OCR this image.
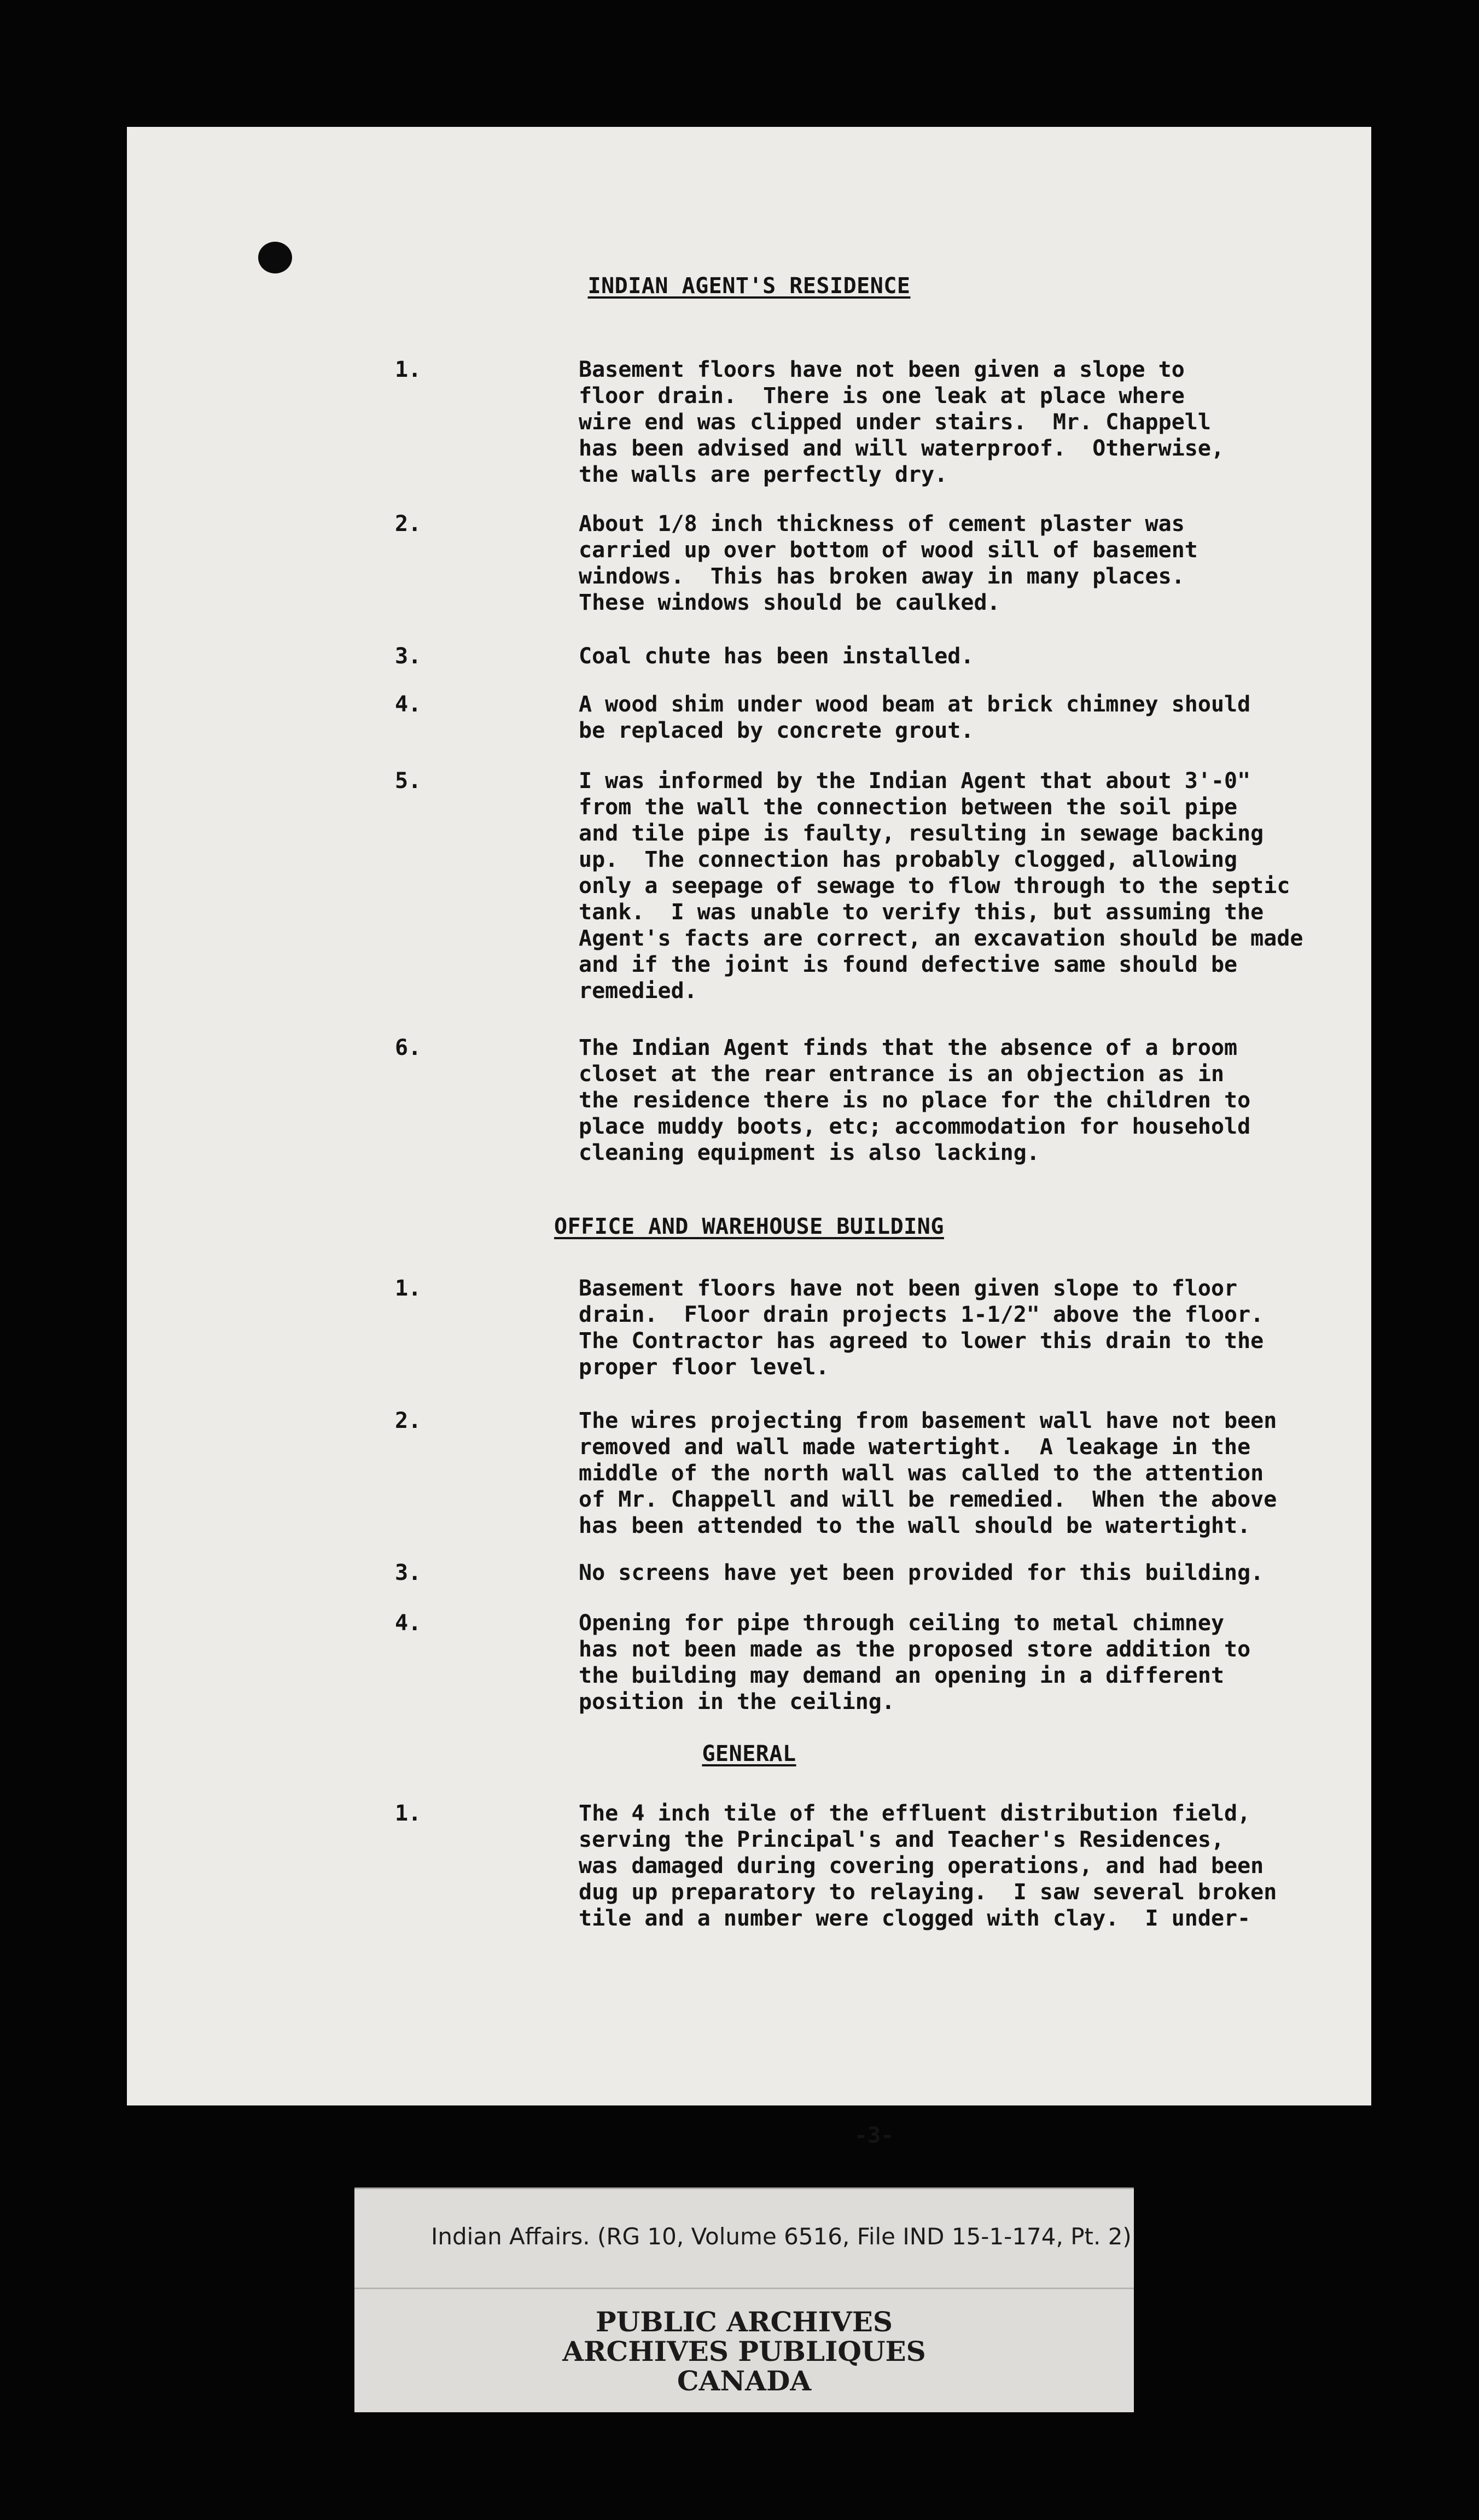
INDIAN AGENT'S RESIDENCE

1.

	Basement floors have not been given a slope to
floor drain.  There is one leak at place where
wire end was clipped under stairs.  Mr. Chappell
has been advised and will waterproof.  Otherwise,
the walls are perfectly dry.

2.

	About 1/8 inch thickness of cement plaster was
carried up over bottom of wood sill of basement
windows.  This has broken away in many places.
These windows should be caulked.

3.

	Coal chute has been installed.

4.

	A wood shim under wood beam at brick chimney should
be replaced by concrete grout.

5.

	I was informed by the Indian Agent that about 3'-0"
from the wall the connection between the soil pipe
and tile pipe is faulty, resulting in sewage backing
up.  The connection has probably clogged, allowing
only a seepage of sewage to flow through to the septic
tank.  I was unable to verify this, but assuming the
Agent's facts are correct, an excavation should be made
and if the joint is found defective same should be
remedied.

6.

	The Indian Agent finds that the absence of a broom
closet at the rear entrance is an objection as in
the residence there is no place for the children to
place muddy boots, etc; accommodation for household
cleaning equipment is also lacking.

OFFICE AND WAREHOUSE BUILDING

1.

	Basement floors have not been given slope to floor
drain.  Floor drain projects 1-1/2" above the floor.
The Contractor has agreed to lower this drain to the
proper floor level.

2.

	The wires projecting from basement wall have not been
removed and wall made watertight.  A leakage in the
middle of the north wall was called to the attention
of Mr. Chappell and will be remedied.  When the above
has been attended to the wall should be watertight.

3.

	No screens have yet been provided for this building.

4.

	Opening for pipe through ceiling to metal chimney
has not been made as the proposed store addition to
the building may demand an opening in a different
position in the ceiling.

GENERAL

1.

	The 4 inch tile of the effluent distribution field,
serving the Principal's and Teacher's Residences,
was damaged during covering operations, and had been
dug up preparatory to relaying.  I saw several broken
tile and a number were clogged with clay.  I under-

-3-
Indian Affairs. (RG 10, Volume 6516, File IND 15-1-174, Pt. 2)
PUBLIC ARCHIVES
ARCHIVES PUBLIQUES
CANADA
